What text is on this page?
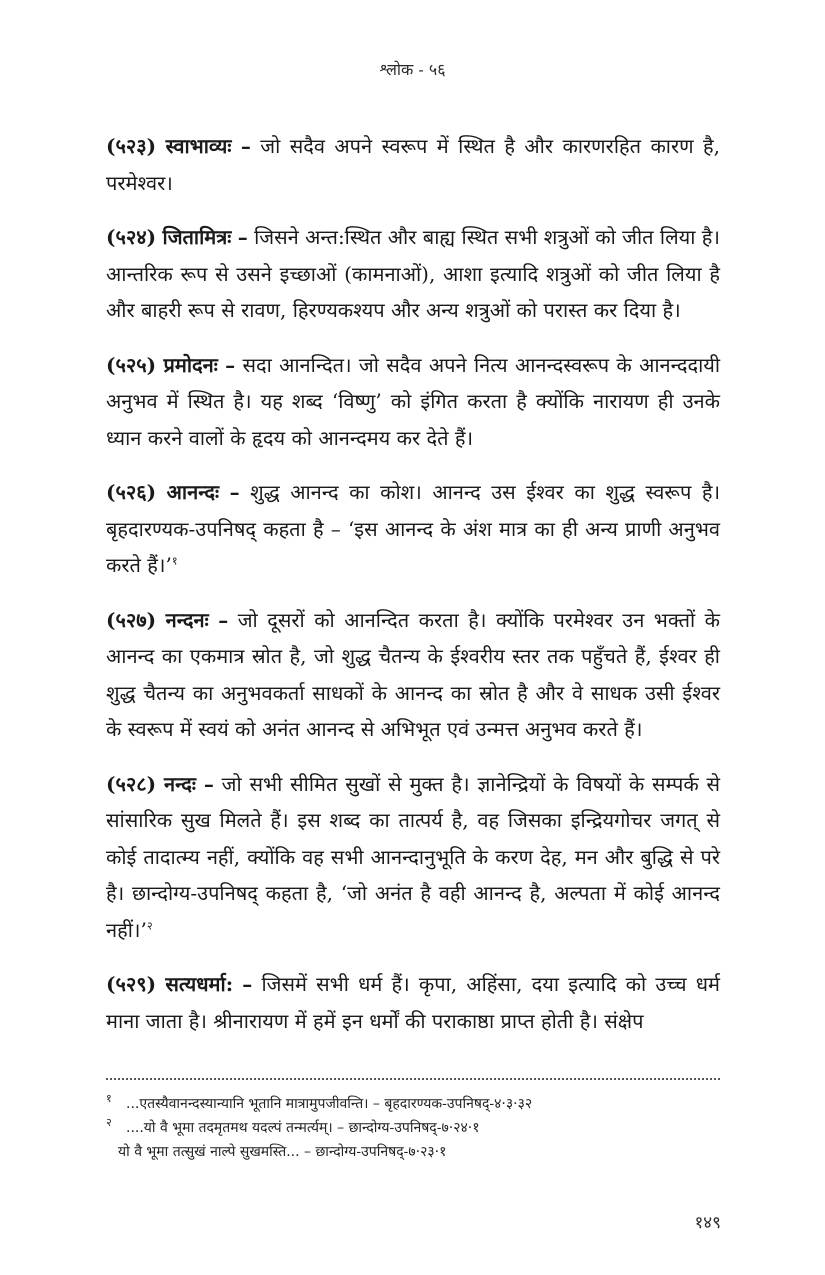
श्लोक - ५६

(५२३) स्वाभाव्यः – जो सदैव अपने स्वरूप में स्थित है और कारणरहित कारण है, परमेश्वर।

(५२४) जितामित्रः – जिसने अन्त:स्थित और बाह्य स्थित सभी शत्रुओं को जीत लिया है। आन्तरिक रूप से उसने इच्छाओं (कामनाओं), आशा इत्यादि शत्रुओं को जीत लिया है और बाहरी रूप से रावण, हिरण्यकश्यप और अन्य शत्रुओं को परास्त कर दिया है।

(५२५) प्रमोदनः – सदा आनन्दित। जो सदैव अपने नित्य आनन्दस्वरूप के आनन्ददायी अनुभव में स्थित है। यह शब्द ‘विष्णु’ को इंगित करता है क्योंकि नारायण ही उनके ध्यान करने वालों के हृदय को आनन्दमय कर देते हैं।

(५२६) आनन्दः – शुद्ध आनन्द का कोश। आनन्द उस ईश्वर का शुद्ध स्वरूप है। बृहदारण्यक-उपनिषद् कहता है – ‘इस आनन्द के अंश मात्र का ही अन्य प्राणी अनुभव करते हैं।’$^१$

(५२७) नन्दनः – जो दूसरों को आनन्दित करता है। क्योंकि परमेश्वर उन भक्तों के आनन्द का एकमात्र स्रोत है, जो शुद्ध चैतन्य के ईश्वरीय स्तर तक पहुँचते हैं, ईश्वर ही शुद्ध चैतन्य का अनुभवकर्ता साधकों के आनन्द का स्रोत है और वे साधक उसी ईश्वर के स्वरूप में स्वयं को अनंत आनन्द से अभिभूत एवं उन्मत्त अनुभव करते हैं।

(५२८) नन्दः – जो सभी सीमित सुखों से मुक्त है। ज्ञानेन्द्रियों के विषयों के सम्पर्क से सांसारिक सुख मिलते हैं। इस शब्द का तात्पर्य है, वह जिसका इन्द्रियगोचर जगत् से कोई तादात्म्य नहीं, क्योंकि वह सभी आनन्दानुभूति के करण देह, मन और बुद्धि से परे है। छान्दोग्य-उपनिषद् कहता है, ‘जो अनंत है वही आनन्द है, अल्पता में कोई आनन्द नहीं।’$^२$

(५२९) सत्यधर्मा: – जिसमें सभी धर्म हैं। कृपा, अहिंसा, दया इत्यादि को उच्च धर्म माना जाता है। श्रीनारायण में हमें इन धर्मों की पराकाष्ठा प्राप्त होती है। संक्षेप

१ ...एतस्यैवानन्दस्यान्यानि भूतानि मात्रामुपजीवन्ति। – बृहदारण्यक-उपनिषद्-४·३·३२
२ ....यो वै भूमा तदमृतमथ यदल्पं तन्मर्त्यम्। – छान्दोग्य-उपनिषद्-७·२४·१
यो वै भूमा तत्सुखं नाल्पे सुखमस्ति... – छान्दोग्य-उपनिषद्-७·२३·१
१४९
